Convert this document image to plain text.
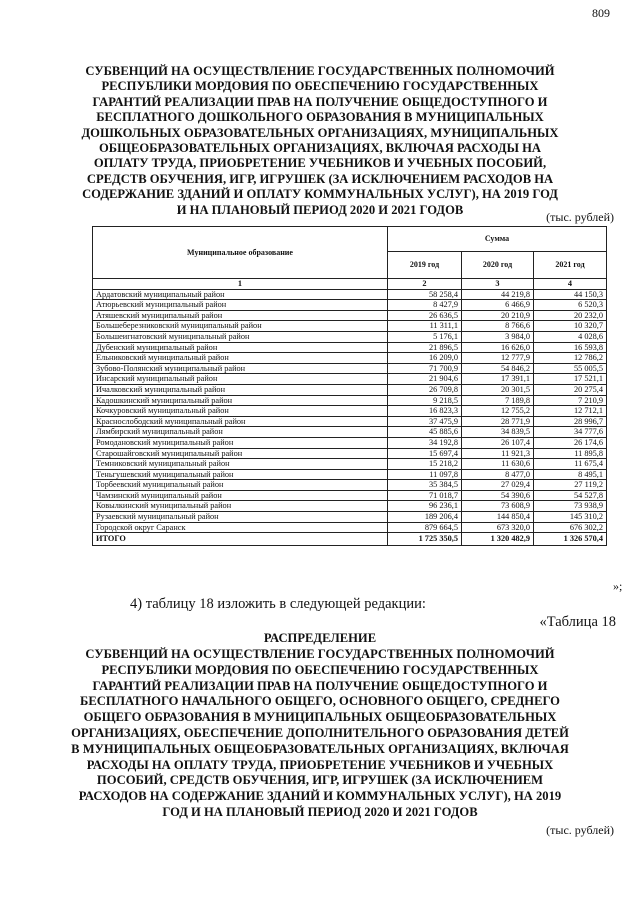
809

СУБВЕНЦИЙ НА ОСУЩЕСТВЛЕНИЕ ГОСУДАРСТВЕННЫХ ПОЛНОМОЧИЙ РЕСПУБЛИКИ МОРДОВИЯ ПО ОБЕСПЕЧЕНИЮ ГОСУДАРСТВЕННЫХ ГАРАНТИЙ РЕАЛИЗАЦИИ ПРАВ НА ПОЛУЧЕНИЕ ОБЩЕДОСТУПНОГО И БЕСПЛАТНОГО ДОШКОЛЬНОГО ОБРАЗОВАНИЯ В МУНИЦИПАЛЬНЫХ ДОШКОЛЬНЫХ ОБРАЗОВАТЕЛЬНЫХ ОРГАНИЗАЦИЯХ, МУНИЦИПАЛЬНЫХ ОБЩЕОБРАЗОВАТЕЛЬНЫХ ОРГАНИЗАЦИЯХ, ВКЛЮЧАЯ РАСХОДЫ НА ОПЛАТУ ТРУДА, ПРИОБРЕТЕНИЕ УЧЕБНИКОВ И УЧЕБНЫХ ПОСОБИЙ, СРЕДСТВ ОБУЧЕНИЯ, ИГР, ИГРУШЕК (ЗА ИСКЛЮЧЕНИЕМ РАСХОДОВ НА СОДЕРЖАНИЕ ЗДАНИЙ И ОПЛАТУ КОММУНАЛЬНЫХ УСЛУГ), НА 2019 ГОД И НА ПЛАНОВЫЙ ПЕРИОД 2020 И 2021 ГОДОВ

(тыс. рублей)
Муниципальное образование	Сумма		
	2019 год	2020 год	2021 год
1	2	3	4
Ардатовский муниципальный район	58 258,4	44 219,8	44 150,3
Атюрьевский муниципальный район	8 427,9	6 466,9	6 520,3
Атяшевский муниципальный район	26 636,5	20 210,9	20 232,0
Большеберезниковский муниципальный район	11 311,1	8 766,6	10 320,7
Большеигнатовский муниципальный район	5 176,1	3 984,0	4 028,6
Дубенский муниципальный район	21 896,5	16 626,0	16 593,8
Ельниковский муниципальный район	16 209,0	12 777,9	12 786,2
Зубово-Полянский муниципальный район	71 700,9	54 846,2	55 005,5
Инсарский муниципальный район	21 904,6	17 391,1	17 521,1
Ичалковский муниципальный район	26 709,8	20 301,5	20 275,4
Кадошкинский муниципальный район	9 218,5	7 189,8	7 210,9
Кочкуровский муниципальный район	16 823,3	12 755,2	12 712,1
Краснослободский муниципальный район	37 475,9	28 771,9	28 996,7
Лямбирский муниципальный район	45 885,6	34 839,5	34 777,6
Ромодановский муниципальный район	34 192,8	26 107,4	26 174,6
Старошайговский муниципальный район	15 697,4	11 921,3	11 895,8
Темниковский муниципальный район	15 218,2	11 630,6	11 675,4
Теньгушевский муниципальный район	11 097,8	8 477,0	8 495,1
Торбеевский муниципальный район	35 384,5	27 029,4	27 119,2
Чамзинский муниципальный район	71 018,7	54 390,6	54 527,8
Ковылкинский муниципальный район	96 236,1	73 608,9	73 938,9
Рузаевский муниципальный район	189 206,4	144 850,4	145 310,2
Городской округ Саранск	879 664,5	673 320,0	676 302,2
ИТОГО	1 725 350,5	1 320 482,9	1 326 570,4
»;
4) таблицу 18 изложить в следующей редакции:
«Таблица 18

РАСПРЕДЕЛЕНИЕ

СУБВЕНЦИЙ НА ОСУЩЕСТВЛЕНИЕ ГОСУДАРСТВЕННЫХ ПОЛНОМОЧИЙ РЕСПУБЛИКИ МОРДОВИЯ ПО ОБЕСПЕЧЕНИЮ ГОСУДАРСТВЕННЫХ ГАРАНТИЙ РЕАЛИЗАЦИИ ПРАВ НА ПОЛУЧЕНИЕ ОБЩЕДОСТУПНОГО И БЕСПЛАТНОГО НАЧАЛЬНОГО ОБЩЕГО, ОСНОВНОГО ОБЩЕГО, СРЕДНЕГО ОБЩЕГО ОБРАЗОВАНИЯ В МУНИЦИПАЛЬНЫХ ОБЩЕОБРАЗОВАТЕЛЬНЫХ ОРГАНИЗАЦИЯХ, ОБЕСПЕЧЕНИЕ ДОПОЛНИТЕЛЬНОГО ОБРАЗОВАНИЯ ДЕТЕЙ В МУНИЦИПАЛЬНЫХ ОБЩЕОБРАЗОВАТЕЛЬНЫХ ОРГАНИЗАЦИЯХ, ВКЛЮЧАЯ РАСХОДЫ НА ОПЛАТУ ТРУДА, ПРИОБРЕТЕНИЕ УЧЕБНИКОВ И УЧЕБНЫХ ПОСОБИЙ, СРЕДСТВ ОБУЧЕНИЯ, ИГР, ИГРУШЕК (ЗА ИСКЛЮЧЕНИЕМ РАСХОДОВ НА СОДЕРЖАНИЕ ЗДАНИЙ И КОММУНАЛЬНЫХ УСЛУГ), НА 2019 ГОД И НА ПЛАНОВЫЙ ПЕРИОД 2020 И 2021 ГОДОВ

(тыс. рублей)
